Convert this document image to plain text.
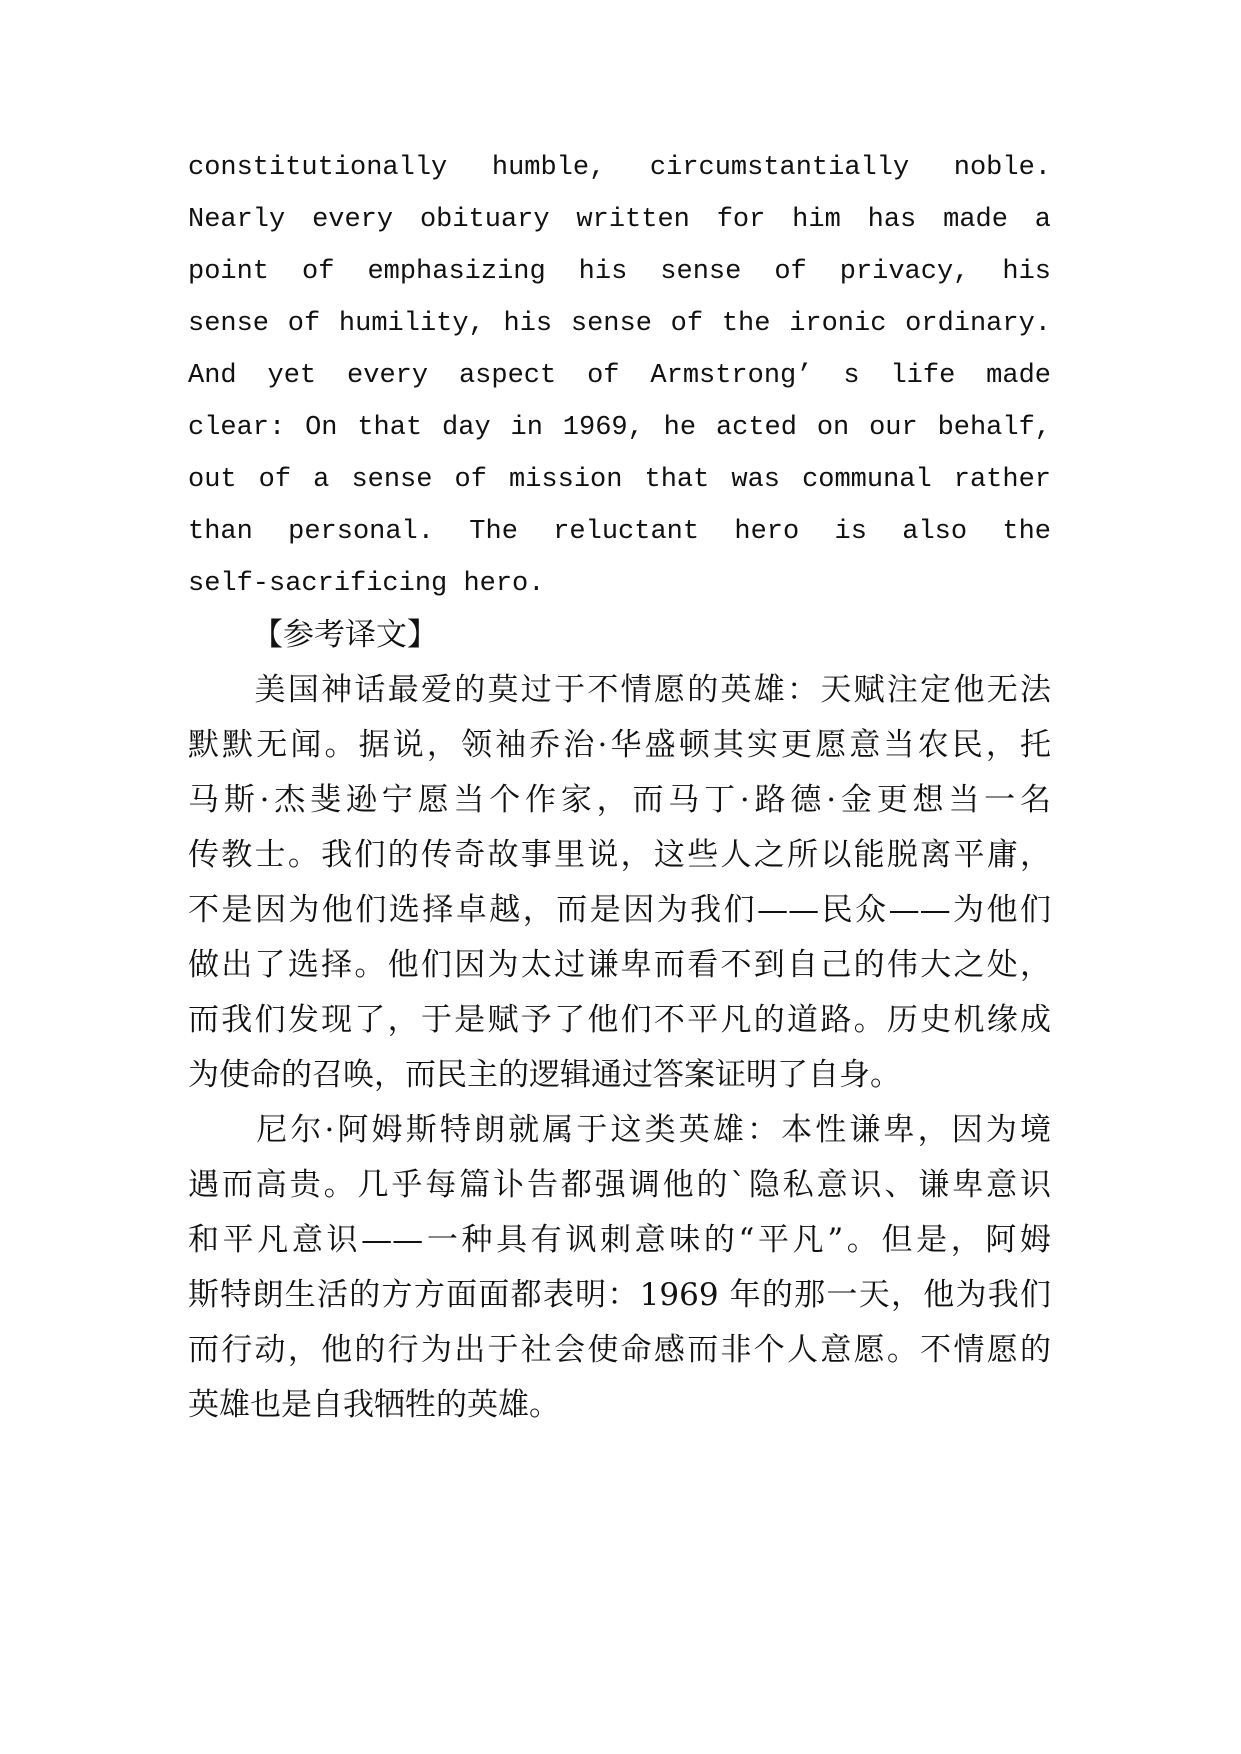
constitutionally humble, circumstantially noble.
Nearly every obituary written for him has made a
point of emphasizing his sense of privacy, his
sense of humility, his sense of the ironic ordinary.
And yet every aspect of Armstrong’ s life made
clear: On that day in 1969, he acted on our behalf,
out of a sense of mission that was communal rather
than personal. The reluctant hero is also the
self-sacrificing hero.
【参考译文】
　　美国神话最爱的莫过于不情愿的英雄：天赋注定他无法
默默无闻。据说，领袖乔治·华盛顿其实更愿意当农民，托
马斯·杰斐逊宁愿当个作家，而马丁·路德·金更想当一名
传教士。我们的传奇故事里说，这些人之所以能脱离平庸，
不是因为他们选择卓越，而是因为我们——民众——为他们
做出了选择。他们因为太过谦卑而看不到自己的伟大之处，
而我们发现了，于是赋予了他们不平凡的道路。历史机缘成
为使命的召唤，而民主的逻辑通过答案证明了自身。
　　尼尔·阿姆斯特朗就属于这类英雄：本性谦卑，因为境
遇而高贵。几乎每篇讣告都强调他的`隐私意识、谦卑意识
和平凡意识——一种具有讽刺意味的“平凡”。但是，阿姆
斯特朗生活的方方面面都表明：1969 年的那一天，他为我们
而行动，他的行为出于社会使命感而非个人意愿。不情愿的
英雄也是自我牺牲的英雄。
